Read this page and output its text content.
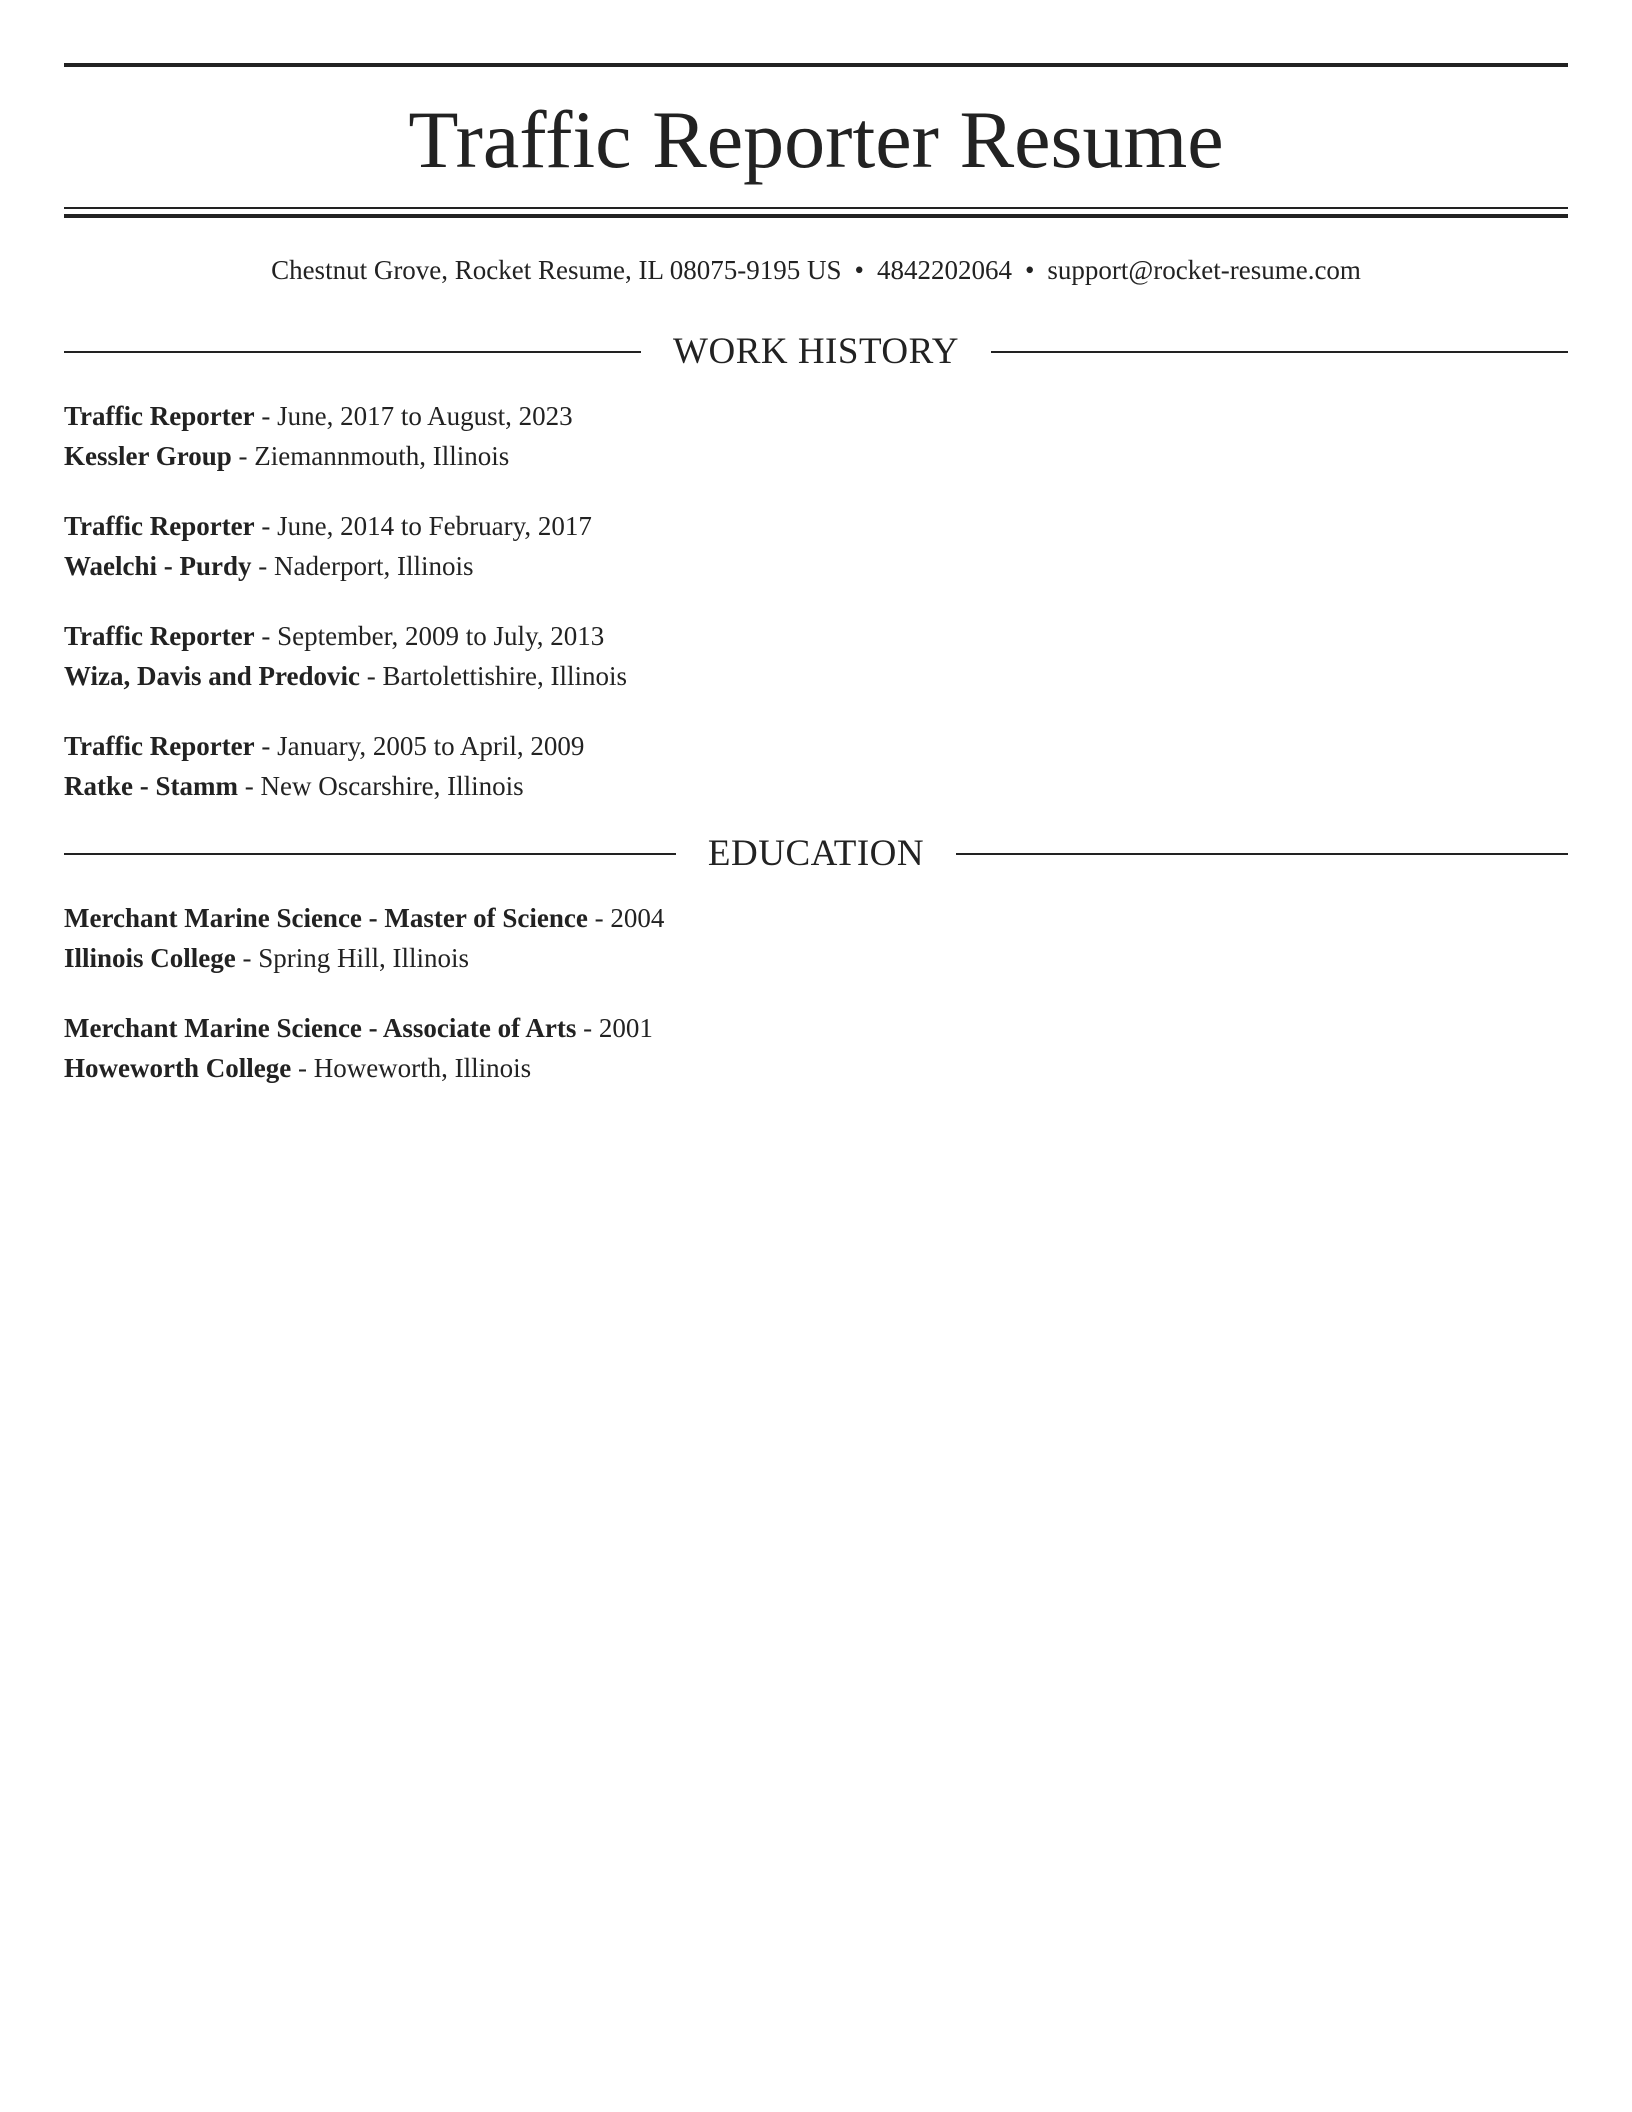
Traffic Reporter Resume
Chestnut Grove, Rocket Resume, IL 08075-9195 US • 4842202064 • support@rocket-resume.com
WORK HISTORY
Traffic Reporter - June, 2017 to August, 2023
Kessler Group - Ziemannmouth, Illinois
Traffic Reporter - June, 2014 to February, 2017
Waelchi - Purdy - Naderport, Illinois
Traffic Reporter - September, 2009 to July, 2013
Wiza, Davis and Predovic - Bartolettishire, Illinois
Traffic Reporter - January, 2005 to April, 2009
Ratke - Stamm - New Oscarshire, Illinois
EDUCATION
Merchant Marine Science - Master of Science - 2004
Illinois College - Spring Hill, Illinois
Merchant Marine Science - Associate of Arts - 2001
Howeworth College - Howeworth, Illinois
